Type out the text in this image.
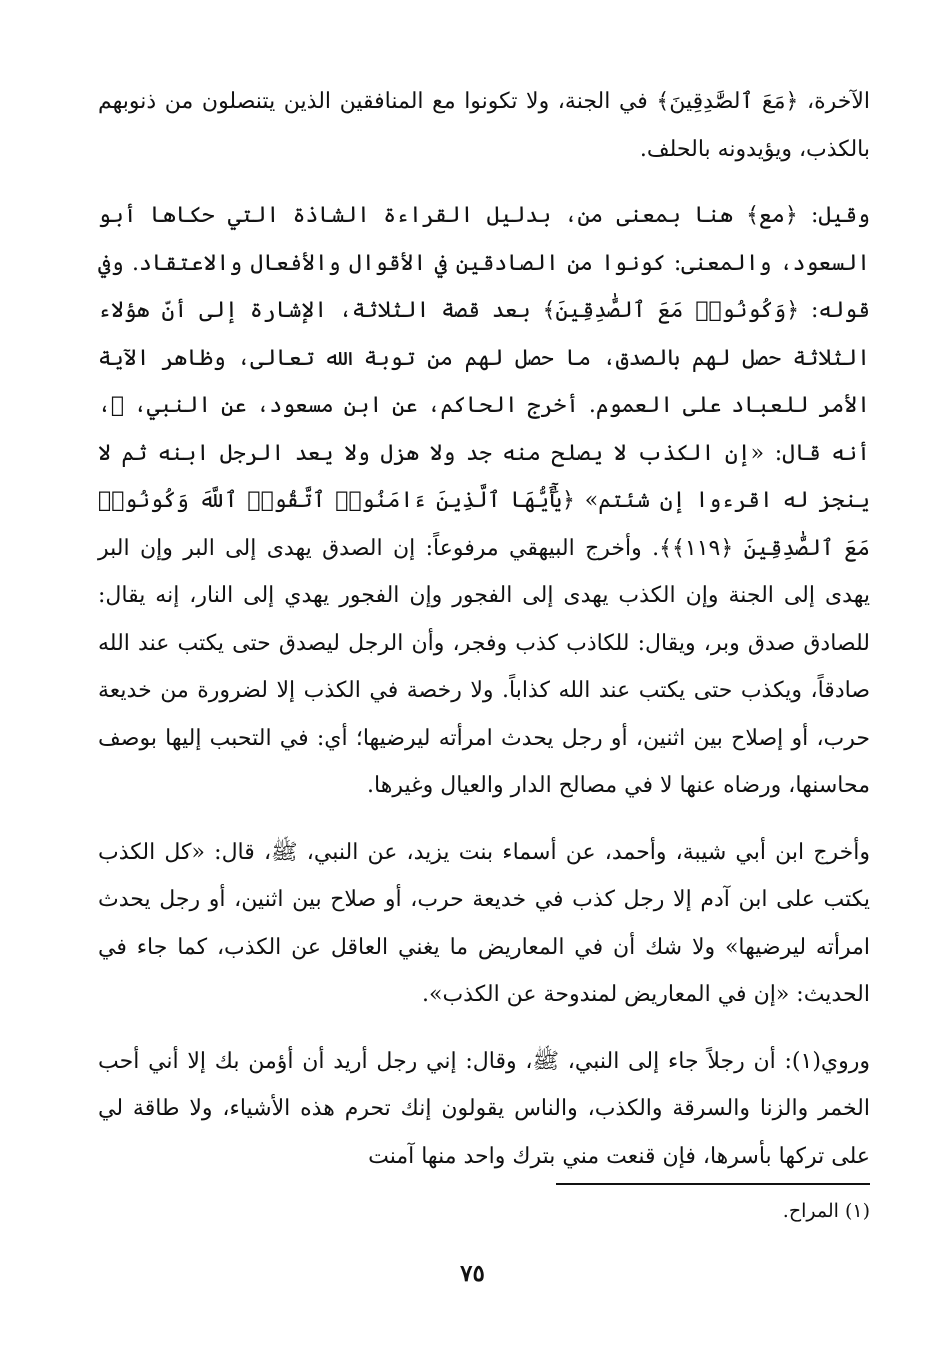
الآخرة، ﴿مَعَ ٱلصَّٰدِقِينَ﴾ في الجنة، ولا تكونوا مع المنافقين الذين يتنصلون من ذنوبهم بالكذب، ويؤيدونه بالحلف.

وقيل: ﴿مع﴾ هنا بمعنى من، بدليل القراءة الشاذة التي حكاها أبو السعود، والمعنى: كونوا من الصادقين في الأقوال والأفعال والاعتقاد. وفي قوله: ﴿وَكُونُوا۟ مَعَ ٱلصَّٰدِقِينَ﴾ بعد قصة الثلاثة، الإشارة إلى أنّ هؤلاء الثلاثة حصل لهم بالصدق، ما حصل لهم من توبة الله تعالى، وظاهر الآية الأمر للعباد على العموم. أخرج الحاكم، عن ابن مسعود، عن النبي، ﷺ، أنه قال: «إن الكذب لا يصلح منه جد ولا هزل ولا يعد الرجل ابنه ثم لا ينجز له اقرءوا إن شئتم» ﴿يَٰٓأَيُّهَا ٱلَّذِينَ ءَامَنُوا۟ ٱتَّقُوا۟ ٱللَّهَ وَكُونُوا۟ مَعَ ٱلصَّٰدِقِينَ ﴿١١٩﴾﴾. وأخرج البيهقي مرفوعاً: إن الصدق يهدى إلى البر وإن البر يهدى إلى الجنة وإن الكذب يهدى إلى الفجور وإن الفجور يهدي إلى النار، إنه يقال: للصادق صدق وبر، ويقال: للكاذب كذب وفجر، وأن الرجل ليصدق حتى يكتب عند الله صادقاً، ويكذب حتى يكتب عند الله كذاباً. ولا رخصة في الكذب إلا لضرورة من خديعة حرب، أو إصلاح بين اثنين، أو رجل يحدث امرأته ليرضيها؛ أي: في التحبب إليها بوصف محاسنها، ورضاه عنها لا في مصالح الدار والعيال وغيرها.

وأخرج ابن أبي شيبة، وأحمد، عن أسماء بنت يزيد، عن النبي، ﷺ، قال: «كل الكذب يكتب على ابن آدم إلا رجل كذب في خديعة حرب، أو صلاح بين اثنين، أو رجل يحدث امرأته ليرضيها» ولا شك أن في المعاريض ما يغني العاقل عن الكذب، كما جاء في الحديث: «إن في المعاريض لمندوحة عن الكذب».

وروي(١): أن رجلاً جاء إلى النبي، ﷺ، وقال: إني رجل أريد أن أؤمن بك إلا أني أحب الخمر والزنا والسرقة والكذب، والناس يقولون إنك تحرم هذه الأشياء، ولا طاقة لي على تركها بأسرها، فإن قنعت مني بترك واحد منها آمنت

(١) المراح.
٧٥
